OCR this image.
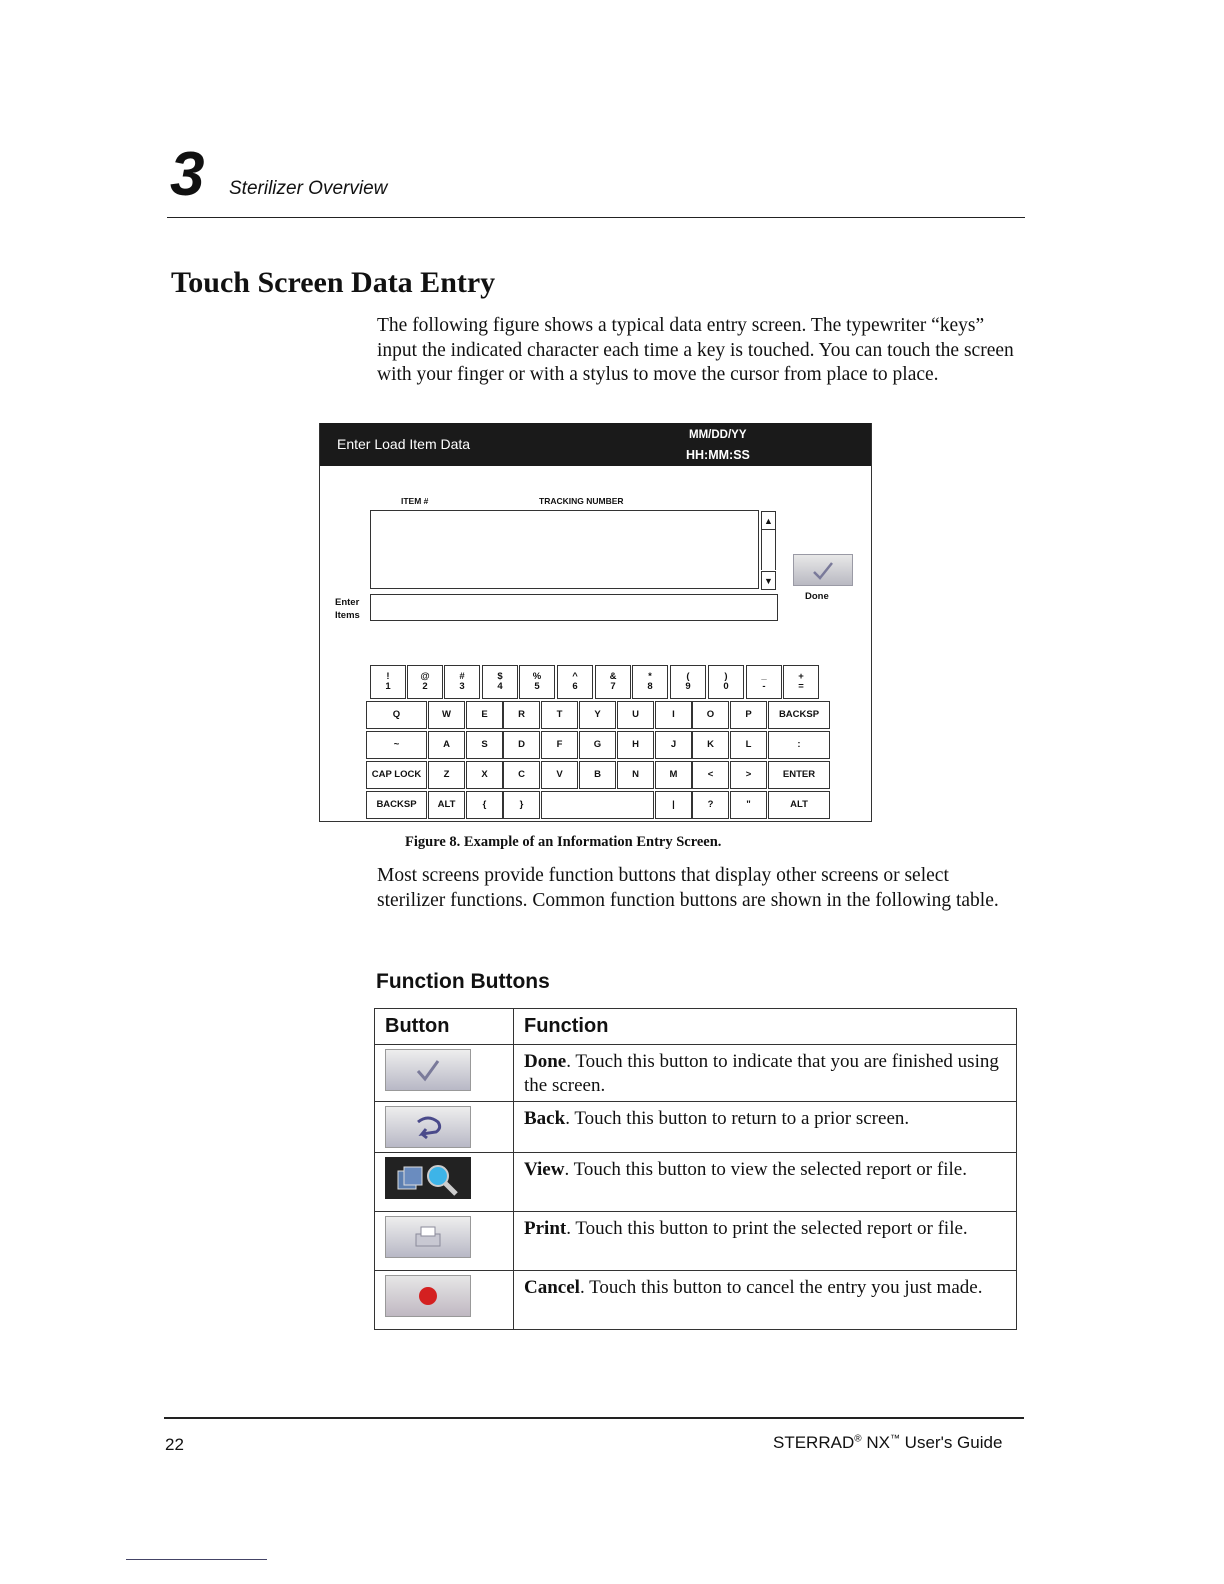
3 Sterilizer Overview
Touch Screen Data Entry
The following figure shows a typical data entry screen. The typewriter “keys” input the indicated character each time a key is touched. You can touch the screen with your finger or with a stylus to move the cursor from place to place.
Enter Load Item Data
MM/DD/YY
HH:MM:SS
ITEM #	TRACKING NUMBER
▲
▼
Done
Enter
Items
!
1
@
2
#
3
$
4
%
5
^
6
&
7
*
8
(
9
)
0
_
-
+
=
Q	W	E	R	T	Y	U	I	O	P	BACKSP
~	A	S	D	F	G	H	J	K	L	:
CAP LOCK	Z	X	C	V	B	N	M	<	>	ENTER
BACKSP	ALT	{	}	|	?	"	ALT
Figure 8. Example of an Information Entry Screen.
Most screens provide function buttons that display other screens or select sterilizer functions. Common function buttons are shown in the following table.
Function Buttons
Button	Function

	Done. Touch this button to indicate that you are finished using the screen.

	Back. Touch this button to return to a prior screen.

	View. Touch this button to view the selected report or file.

	Print. Touch this button to print the selected report or file.

	Cancel. Touch this button to cancel the entry you just made.
22	STERRAD® NX™ User's Guide
